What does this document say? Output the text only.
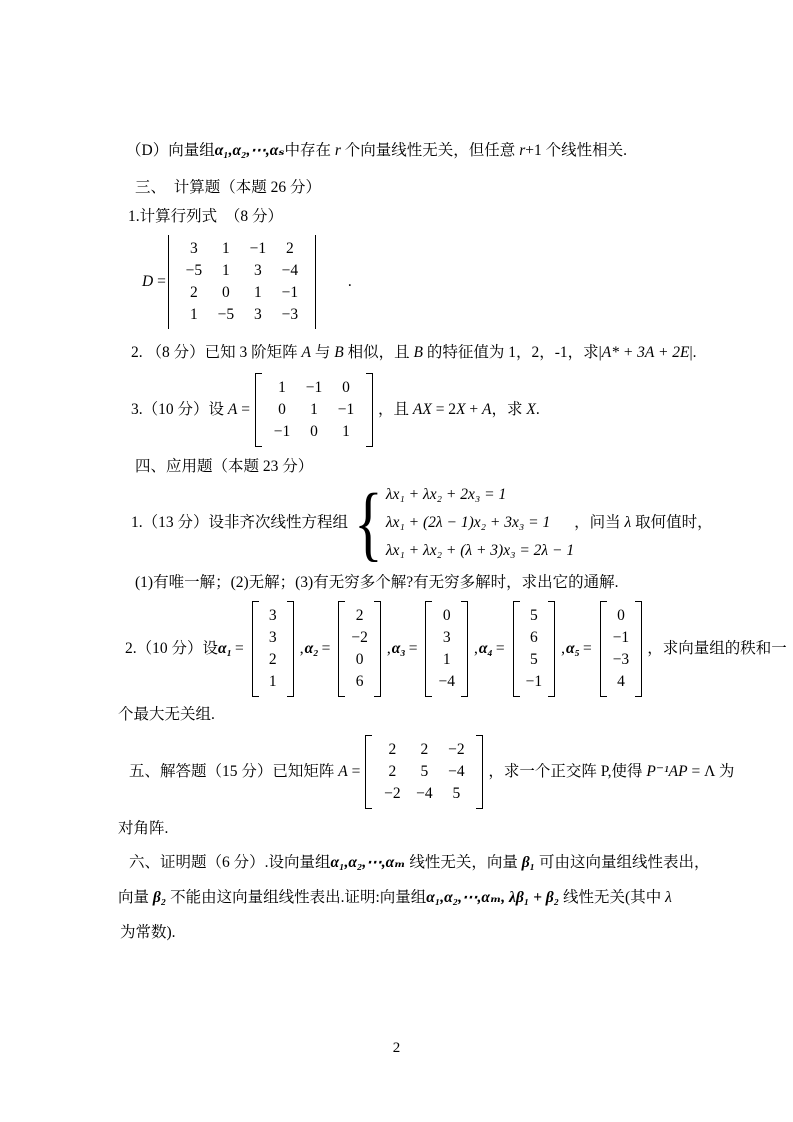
（D）向量组α₁,α₂,⋯,αₛ中存在 r 个向量线性无关，但任意 r+1 个线性相关.

三、　计算题（本题 26 分）

1.计算行列式　（8 分）

D =
3	1	−1	2
−5	1	3	−4
2	0	1	−1
1	−5	3	−3
.

2. （8 分）已知 3 阶矩阵 A 与 B 相似，且 B 的特征值为 1，2，-1，求|A* + 3A + 2E|.

3.（10 分）设 A =
1	−1	0
0	1	−1
−1	0	1
，且 AX = 2X + A，求 X.

四、应用题（本题 23 分）

1.（13 分）设非齐次线性方程组 { λx₁ + λx₂ + 2x₃ = 1
λx₁ + (2λ − 1)x₂ + 3x₃ = 1
λx₁ + λx₂ + (λ + 3)x₃ = 2λ − 1
，问当 λ 取何值时，

(1)有唯一解；(2)无解；(3)有无穷多个解?有无穷多解时，求出它的通解.

2.（10 分）设 α₁ =
3
3
2
1
, α₂ =
2
−2
0
6
, α₃ =
0
3
1
−4
, α₄ =
5
6
5
−1
, α₅ =
0
−1
−3
4
，求向量组的秩和一

个最大无关组.

五、解答题（15 分）已知矩阵 A =
2	2	−2
2	5	−4
−2	−4	5
，求一个正交阵 P,使得 P⁻¹AP = Λ 为

对角阵.

六、证明题（6 分）.设向量组α₁,α₂,⋯,αₘ 线性无关，向量 β₁ 可由这向量组线性表出，

向量 β₂ 不能由这向量组线性表出.证明:向量组α₁,α₂,⋯,αₘ, λβ₁ + β₂ 线性无关(其中 λ

为常数).

2
